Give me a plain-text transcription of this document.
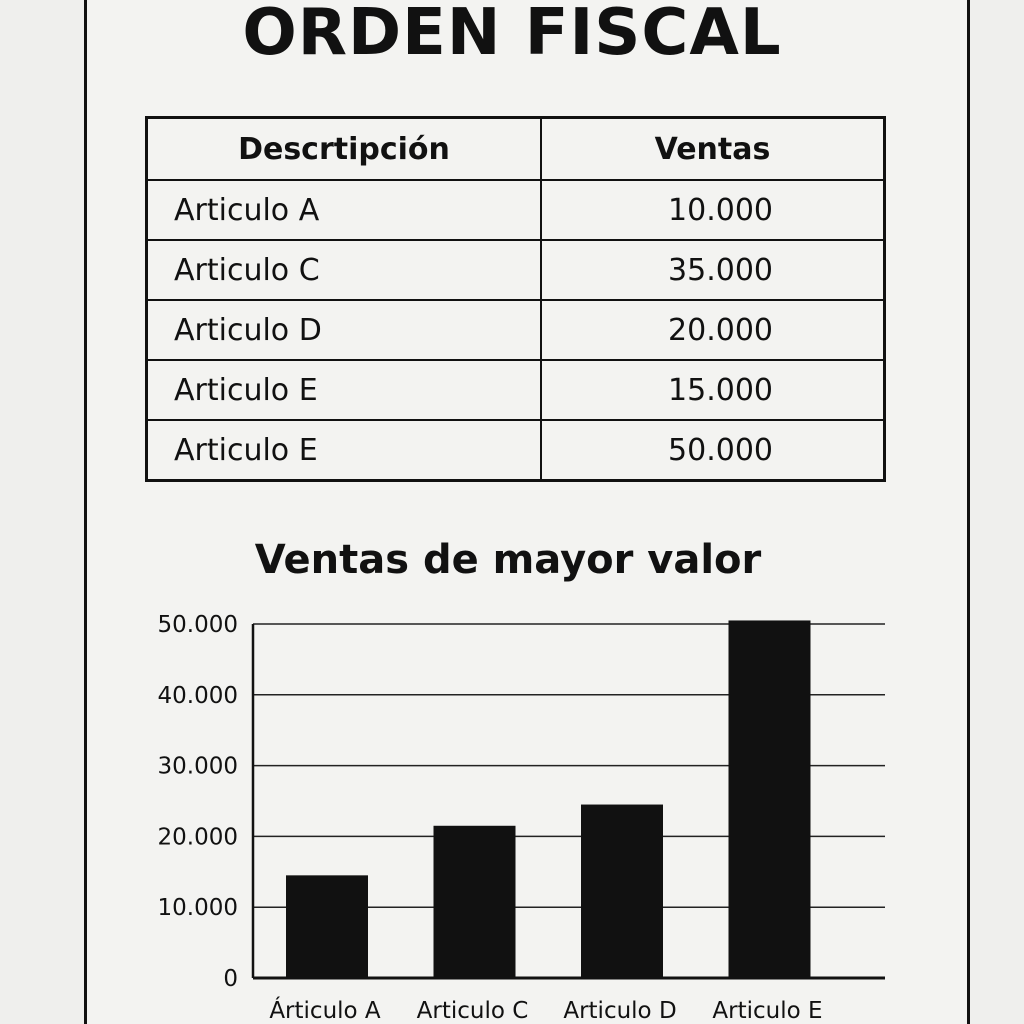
ORDEN FISCAL
Descrtipción	Ventas
Articulo A	10.000
Articulo C	35.000
Articulo D	20.000
Articulo E	15.000
Articulo E	50.000
Ventas de mayor valor
0
10.000
20.000
30.000
40.000
50.000
Árticulo A Articulo C Articulo D Articulo E
